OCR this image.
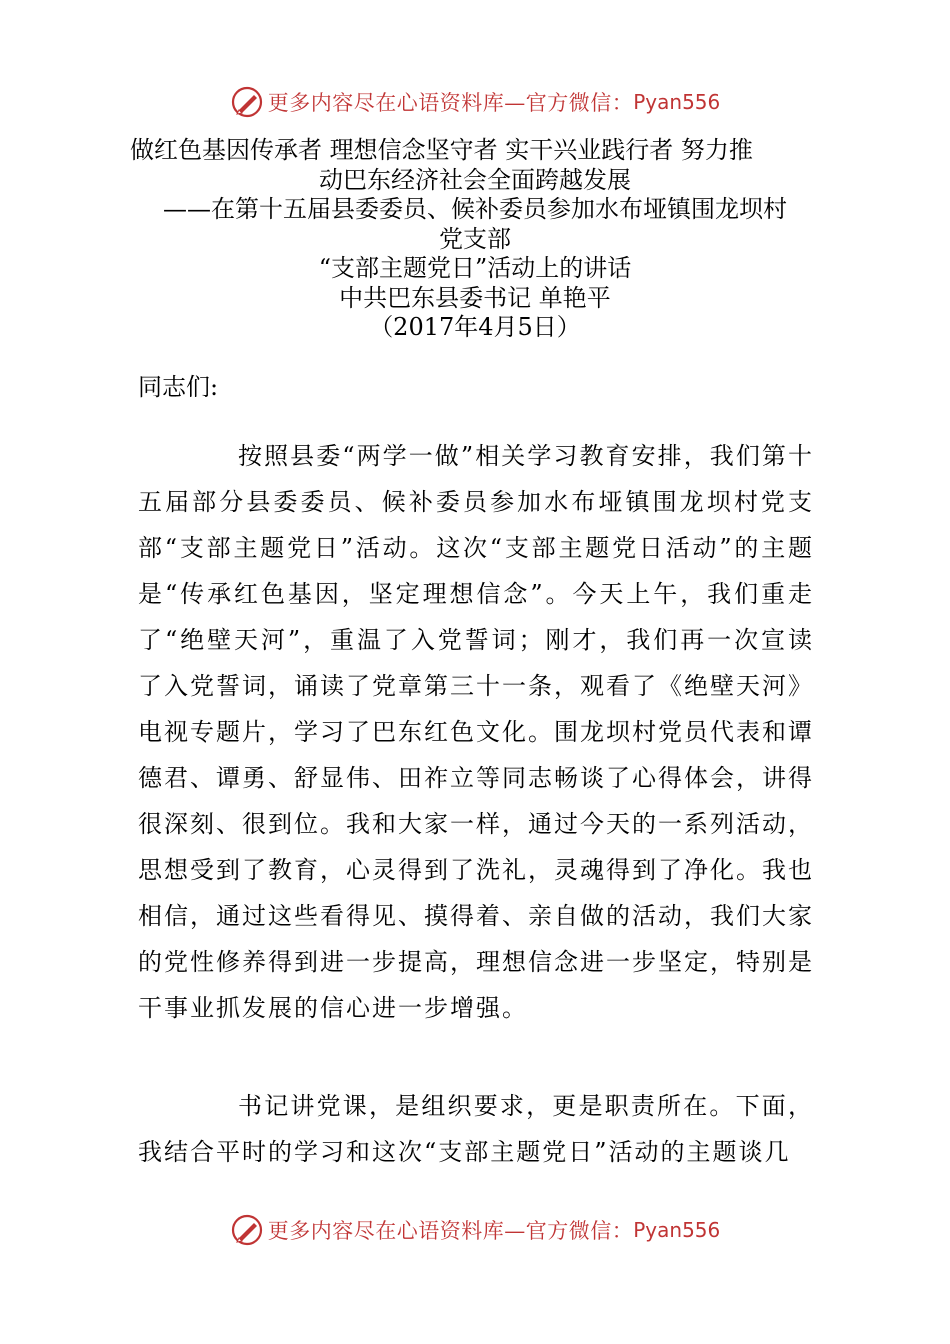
更多内容尽在心语资料库—官方微信： Pyan556
做红色基因传承者 理想信念坚守者 实干兴业践行者 努力推
动巴东经济社会全面跨越发展
——在第十五届县委委员、候补委员参加水布垭镇围龙坝村
党支部
“支部主题党日”活动上的讲话
中共巴东县委书记 单艳平
（2017年4月5日）
同志们:

按照县委“两学一做”相关学习教育安排，我们第十五届部分县委委员、候补委员参加水布垭镇围龙坝村党支部“支部主题党日”活动。这次“支部主题党日活动”的主题是“传承红色基因，坚定理想信念”。今天上午，我们重走了“绝壁天河”，重温了入党誓词；刚才，我们再一次宣读了入党誓词，诵读了党章第三十一条，观看了《绝壁天河》电视专题片，学习了巴东红色文化。围龙坝村党员代表和谭德君、谭勇、舒显伟、田祚立等同志畅谈了心得体会，讲得很深刻、很到位。我和大家一样，通过今天的一系列活动，思想受到了教育，心灵得到了洗礼，灵魂得到了净化。我也相信，通过这些看得见、摸得着、亲自做的活动，我们大家的党性修养得到进一步提高，理想信念进一步坚定，特别是干事业抓发展的信心进一步增强。

书记讲党课，是组织要求，更是职责所在。下面，我结合平时的学习和这次“支部主题党日”活动的主题谈几

更多内容尽在心语资料库—官方微信： Pyan556
